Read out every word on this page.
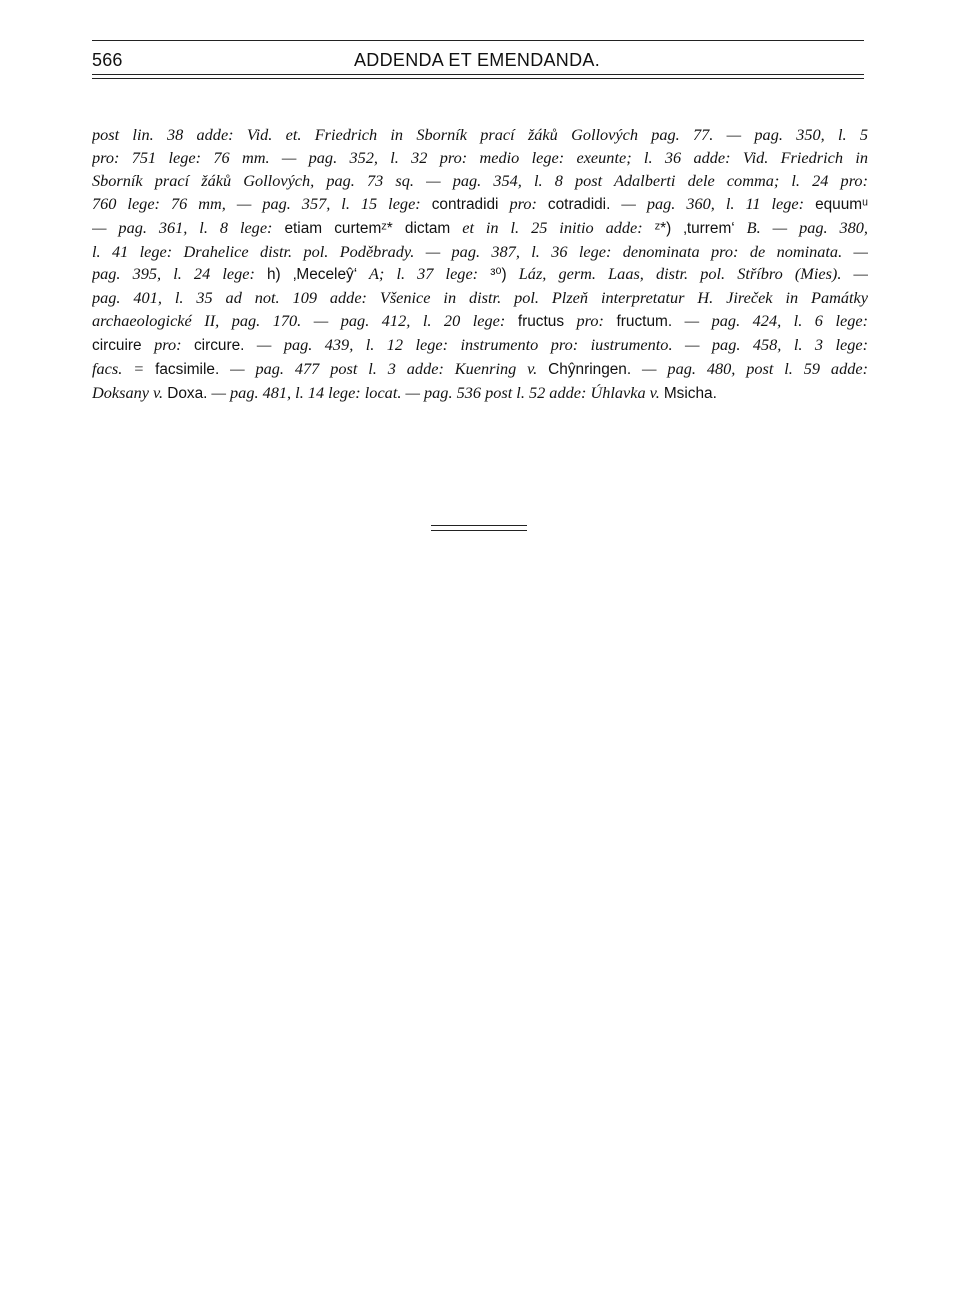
566	ADDENDA ET EMENDANDA.
post lin. 38 adde: Vid. et. Friedrich in Sborník prací žáků Gollových pag. 77. — pag. 350, l. 5
pro: 751 lege: 76 mm. — pag. 352, l. 32 pro: medio lege: exeunte; l. 36 adde: Vid. Friedrich in
Sborník prací žáků Gollových, pag. 73 sq. — pag. 354, l. 8 post Adalberti dele comma; l. 24 pro:
760 lege: 76 mm, — pag. 357, l. 15 lege: contradidi pro: cotradidi. — pag. 360, l. 11 lege: equumᵘ
— pag. 361, l. 8 lege: etiam curtemᶻ* dictam et in l. 25 initio adde: ᶻ*) ‚turrem‘ B. — pag. 380,
l. 41 lege: Drahelice distr. pol. Poděbrady. — pag. 387, l. 36 lege: denominata pro: de nominata. —
pag. 395, l. 24 lege: h) ‚Meceleŷ‘ A; l. 37 lege: ³⁰) Láz, germ. Laas, distr. pol. Stříbro (Mies). —
pag. 401, l. 35 ad not. 109 adde: Všenice in distr. pol. Plzeň interpretatur H. Jireček in Památky
archaeologické II, pag. 170. — pag. 412, l. 20 lege: fructus pro: fructum. — pag. 424, l. 6 lege:
circuire pro: circure. — pag. 439, l. 12 lege: instrumento pro: iustrumento. — pag. 458, l. 3 lege:
facs. = facsimile. — pag. 477 post l. 3 adde: Kuenring v. Chŷnringen. — pag. 480, post l. 59 adde:
Doksany v. Doxa. — pag. 481, l. 14 lege: locat. — pag. 536 post l. 52 adde: Úhlavka v. Msicha.
